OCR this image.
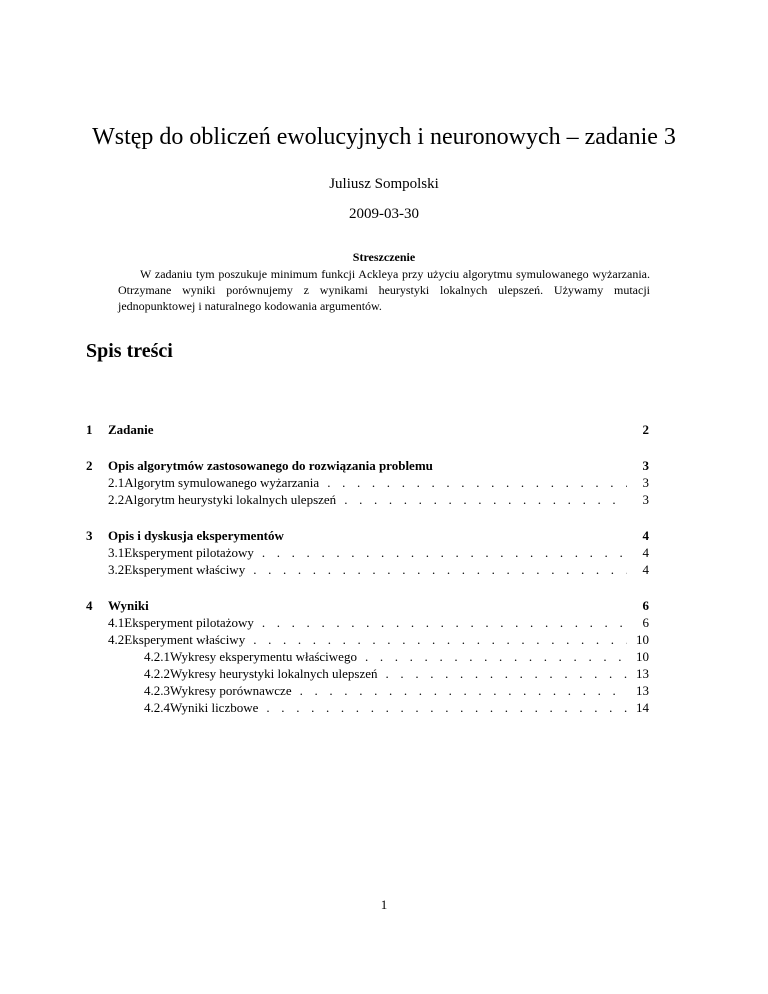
Wstęp do obliczeń ewolucyjnych i neuronowych – zadanie 3
Juliusz Sompolski
2009-03-30
Streszczenie
W zadaniu tym poszukuje minimum funkcji Ackleya przy użyciu algorytmu symulowanego wyżarzania. Otrzymane wyniki porównujemy z wynikami heurystyki lokalnych ulepszeń. Używamy mutacji jednopunktowej i naturalnego kodowania argumentów.
Spis treści
1	Zadanie	2
2	Opis algorytmów zastosowanego do rozwiązania problemu	3
2.1 Algorytm symulowanego wyżarzania . . .	3
2.2 Algorytm heurystyki lokalnych ulepszeń . . .	3
3	Opis i dyskusja eksperymentów	4
3.1 Eksperyment pilotażowy . . .	4
3.2 Eksperyment właściwy . . .	4
4	Wyniki	6
4.1 Eksperyment pilotażowy . . .	6
4.2 Eksperyment właściwy . . .	10
4.2.1 Wykresy eksperymentu właściwego . . .	10
4.2.2 Wykresy heurystyki lokalnych ulepszeń . . .	13
4.2.3 Wykresy porównawcze . . .	13
4.2.4 Wyniki liczbowe . . .	14
1
